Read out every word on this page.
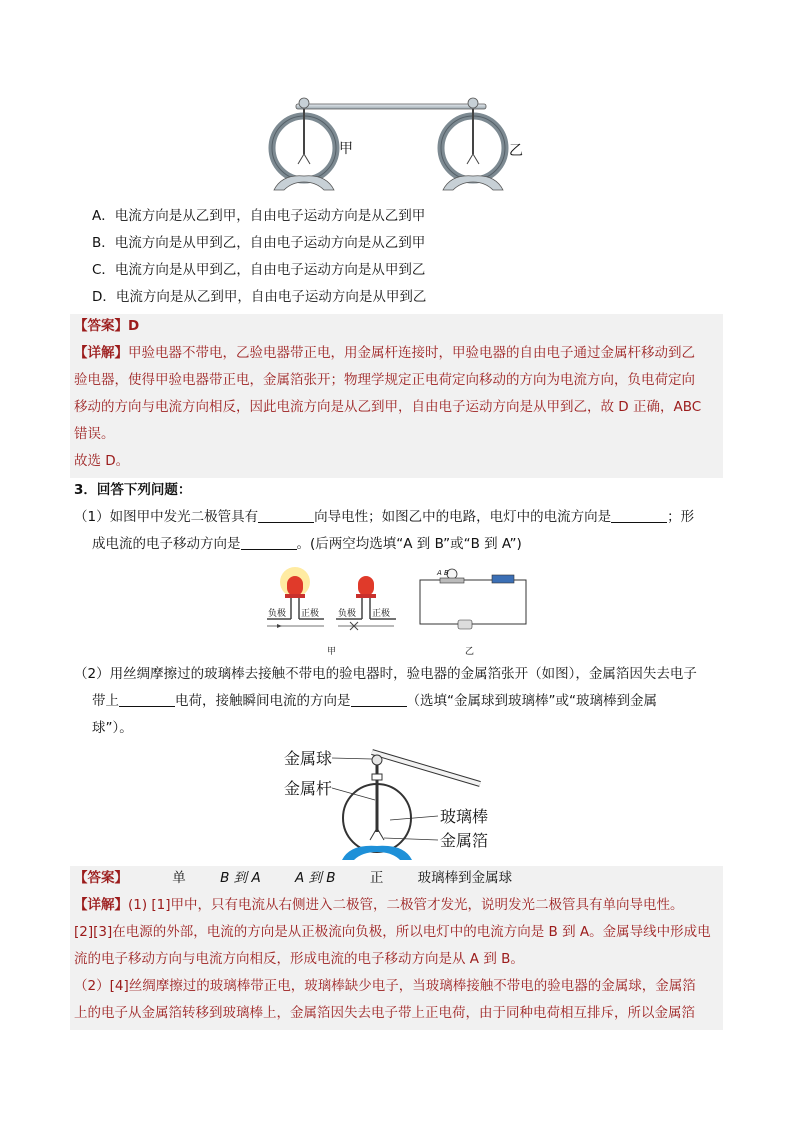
甲	乙
A．电流方向是从乙到甲，自由电子运动方向是从乙到甲
B．电流方向是从甲到乙，自由电子运动方向是从乙到甲
C．电流方向是从甲到乙，自由电子运动方向是从甲到乙
D．电流方向是从乙到甲，自由电子运动方向是从甲到乙
【答案】D
【详解】甲验电器不带电，乙验电器带正电，用金属杆连接时，甲验电器的自由电子通过金属杆移动到乙
验电器，使得甲验电器带正电，金属箔张开；物理学规定正电荷定向移动的方向为电流方向，负电荷定向
移动的方向与电流方向相反，因此电流方向是从乙到甲，自由电子运动方向是从甲到乙，故 D 正确，ABC
错误。
故选 D。
3．回答下列问题：
（1）如图甲中发光二极管具有	向导电性；如图乙中的电路，电灯中的电流方向是	；形
成电流的电子移动方向是	。(后两空均选填“A 到 B”或“B 到 A”)
负极 正极 负极 正极
甲
A B
乙
（2）用丝绸摩擦过的玻璃棒去接触不带电的验电器时，验电器的金属箔张开（如图），金属箔因失去电子
带上	电荷，接触瞬间电流的方向是	（选填“金属球到玻璃棒”或“玻璃棒到金属
球”）。
金属球
金属杆
玻璃棒
金属箔
【答案】	单	B 到 A	A 到 B	正	玻璃棒到金属球
【详解】(1) [1]甲中，只有电流从右侧进入二极管，二极管才发光，说明发光二极管具有单向导电性。
[2][3]在电源的外部，电流的方向是从正极流向负极，所以电灯中的电流方向是 B 到 A。金属导线中形成电
流的电子移动方向与电流方向相反，形成电流的电子移动方向是从 A 到 B。
（2）[4]丝绸摩擦过的玻璃棒带正电，玻璃棒缺少电子，当玻璃棒接触不带电的验电器的金属球，金属箔
上的电子从金属箔转移到玻璃棒上，金属箔因失去电子带上正电荷，由于同种电荷相互排斥，所以金属箔
